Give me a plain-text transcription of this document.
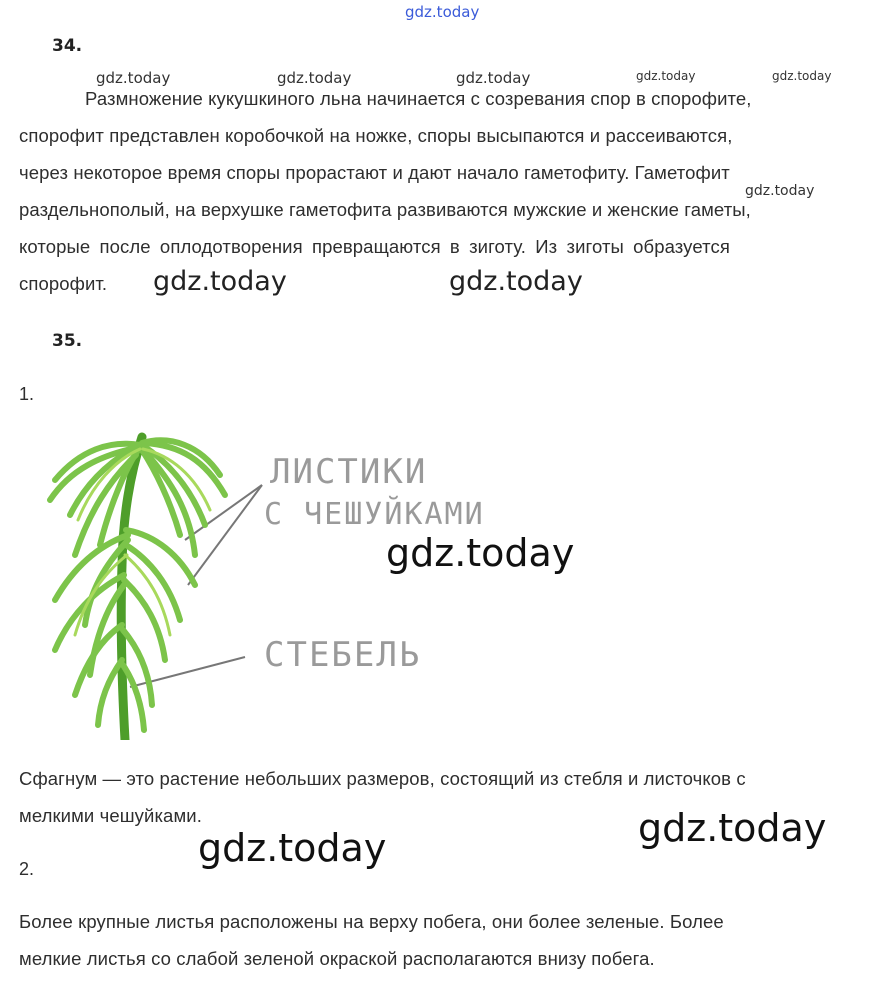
gdz.today
34.
gdz.today	gdz.today	gdz.today	gdz.today	gdz.today
Размножение кукушкиного льна начинается с созревания спор в спорофите,
спорофит представлен коробочкой на ножке, споры высыпаются и рассеиваются,
через некоторое время споры прорастают и дают начало гаметофиту. Гаметофит
раздельнополый, на верхушке гаметофита развиваются мужские и женские гаметы,
которые после оплодотворения превращаются в зиготу. Из зиготы образуется
спорофит.
gdz.today
gdz.today	gdz.today
35.
1.
ЛИСТИКИ
С ЧЕШУЙКАМИ
СТЕБЕЛЬ
gdz.today
Сфагнум — это растение небольших размеров, состоящий из стебля и листочков с
мелкими чешуйками.	gdz.today
gdz.today
2.
Более крупные листья расположены на верху побега, они более зеленые. Более
мелкие листья со слабой зеленой окраской располагаются внизу побега.
